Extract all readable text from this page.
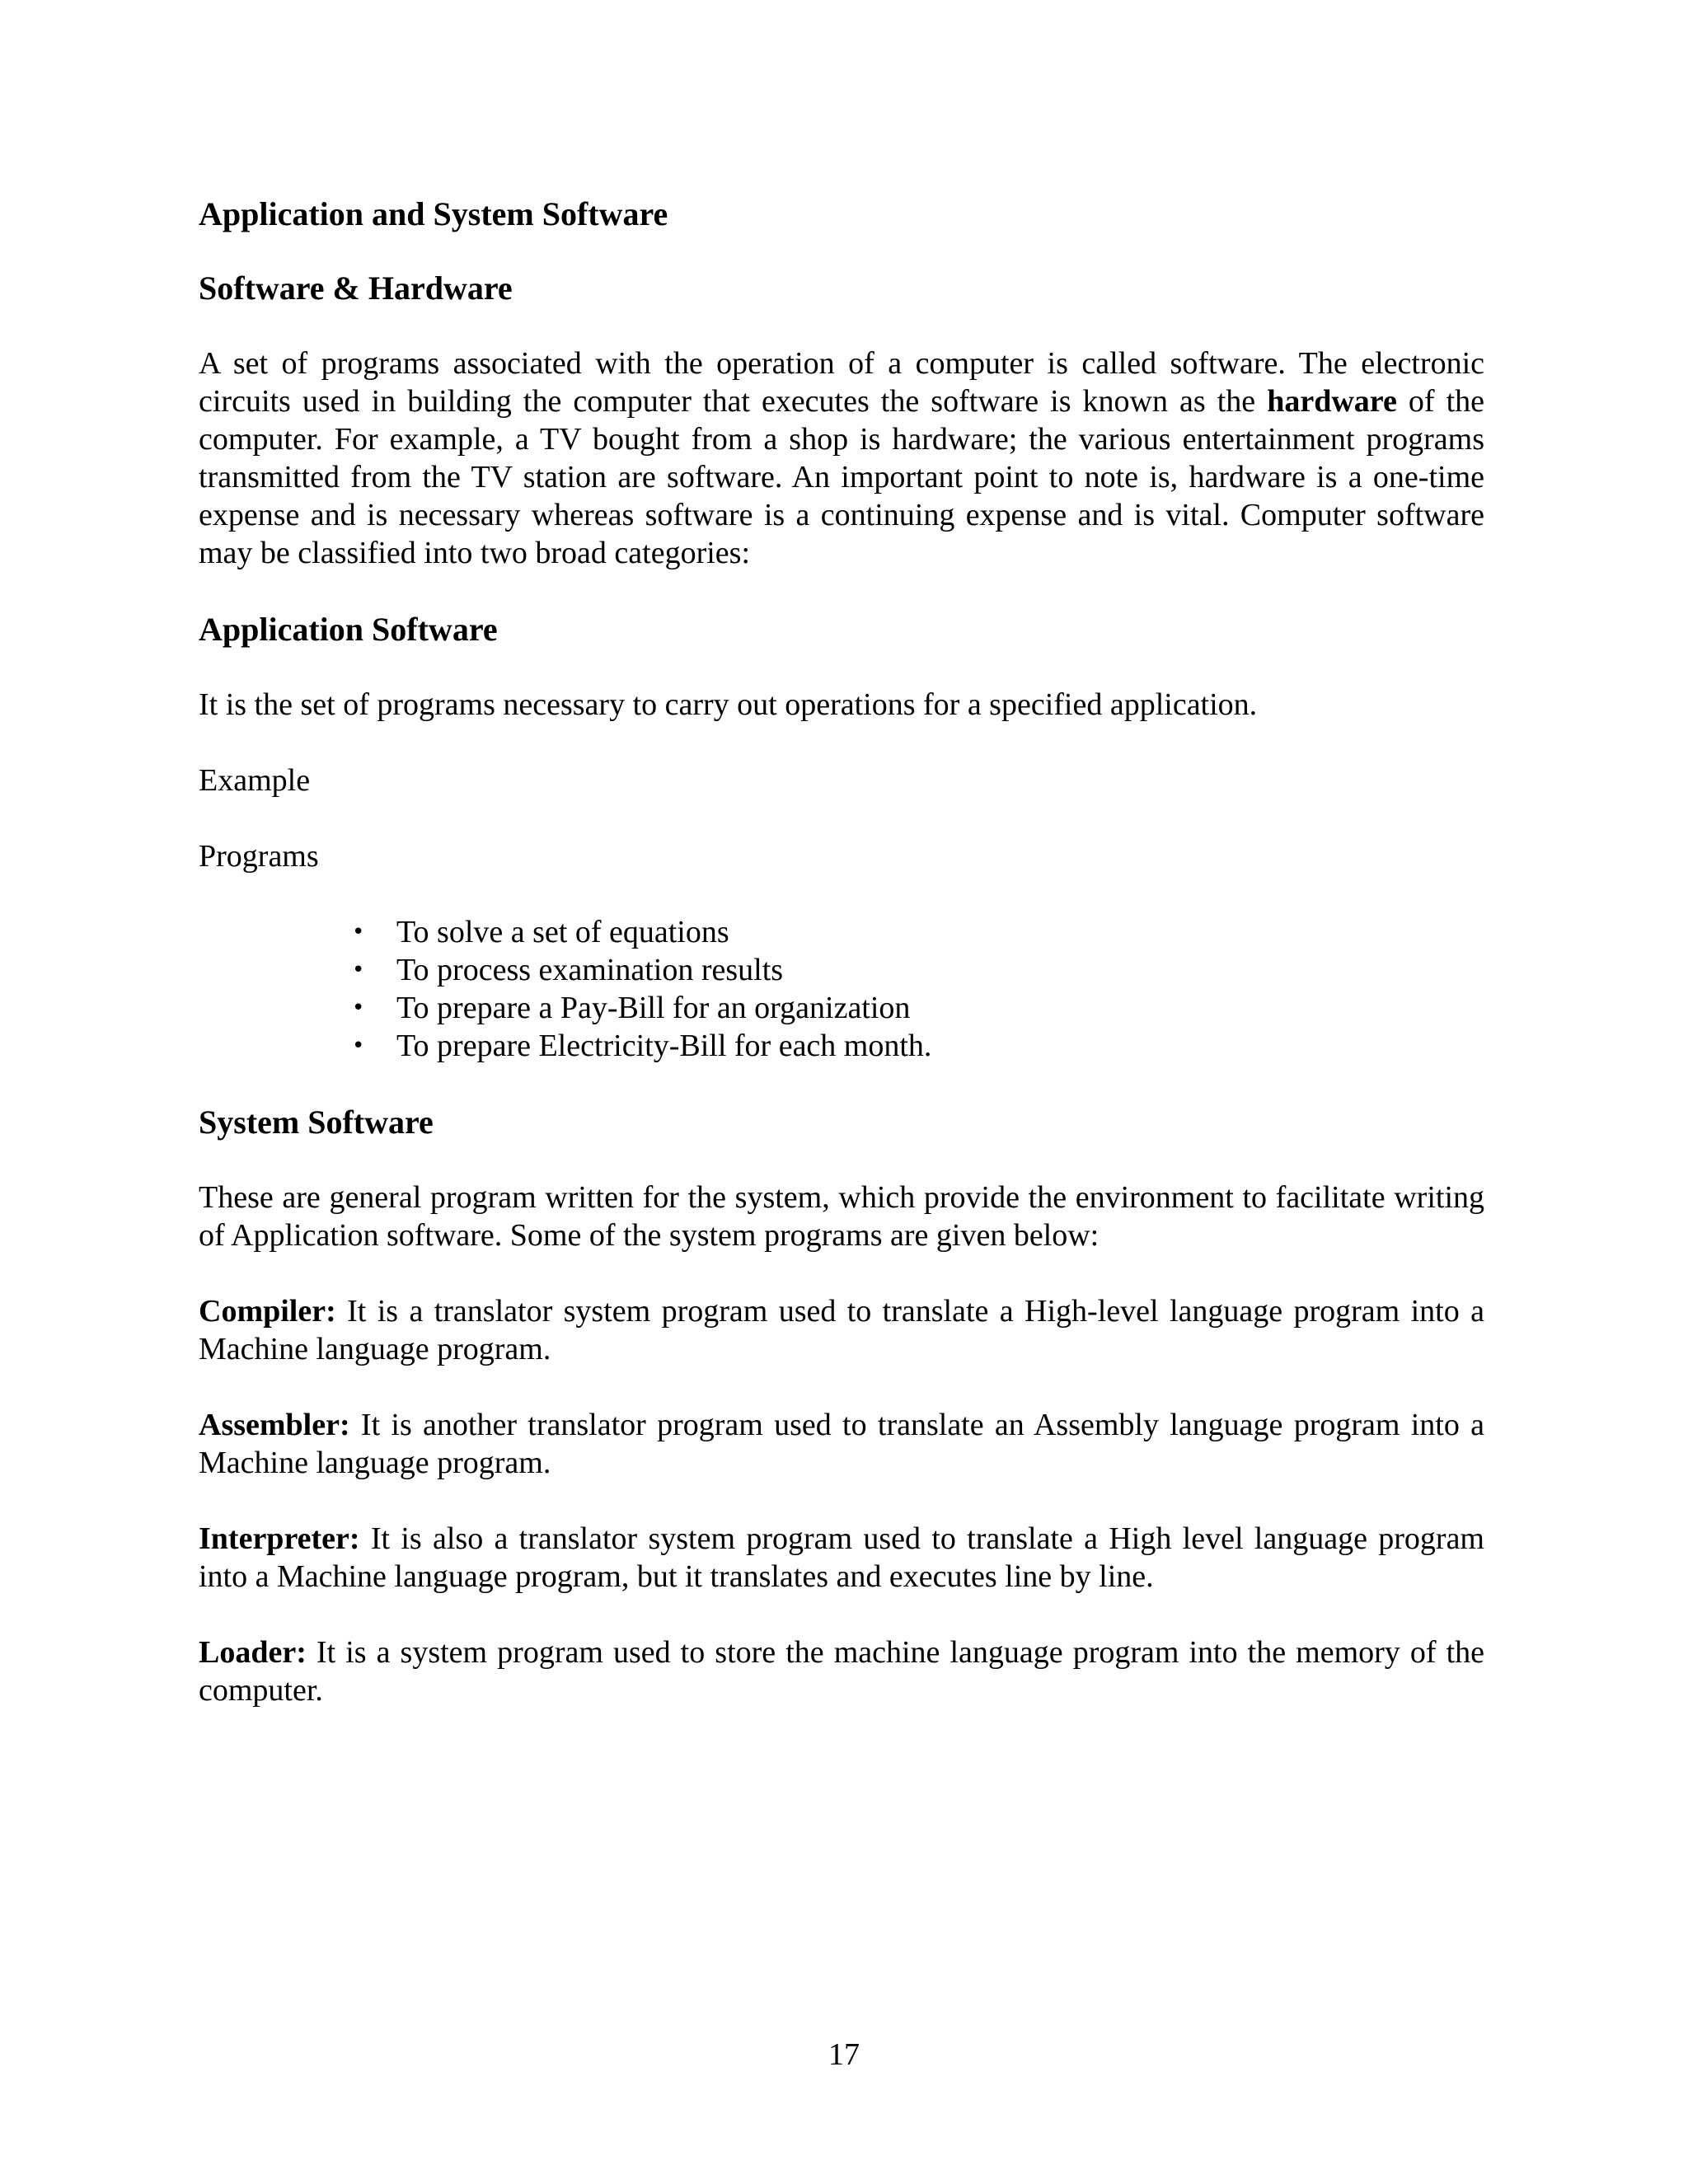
Application and System Software
Software & Hardware

A set of programs associated with the operation of a computer is called software. The electronic circuits used in building the computer that executes the software is known as the hardware of the computer. For example, a TV bought from a shop is hardware; the various entertainment programs transmitted from the TV station are software. An important point to note is, hardware is a one-time expense and is necessary whereas software is a continuing expense and is vital. Computer software may be classified into two broad categories:

Application Software

It is the set of programs necessary to carry out operations for a specified application.

Example

Programs

• To solve a set of equations
• To process examination results
• To prepare a Pay-Bill for an organization
• To prepare Electricity-Bill for each month.
System Software

These are general program written for the system, which provide the environment to facilitate writing of Application software. Some of the system programs are given below:

Compiler: It is a translator system program used to translate a High-level language program into a Machine language program.

Assembler: It is another translator program used to translate an Assembly language program into a Machine language program.

Interpreter: It is also a translator system program used to translate a High level language program into a Machine language program, but it translates and executes line by line.

Loader: It is a system program used to store the machine language program into the memory of the computer.

17
